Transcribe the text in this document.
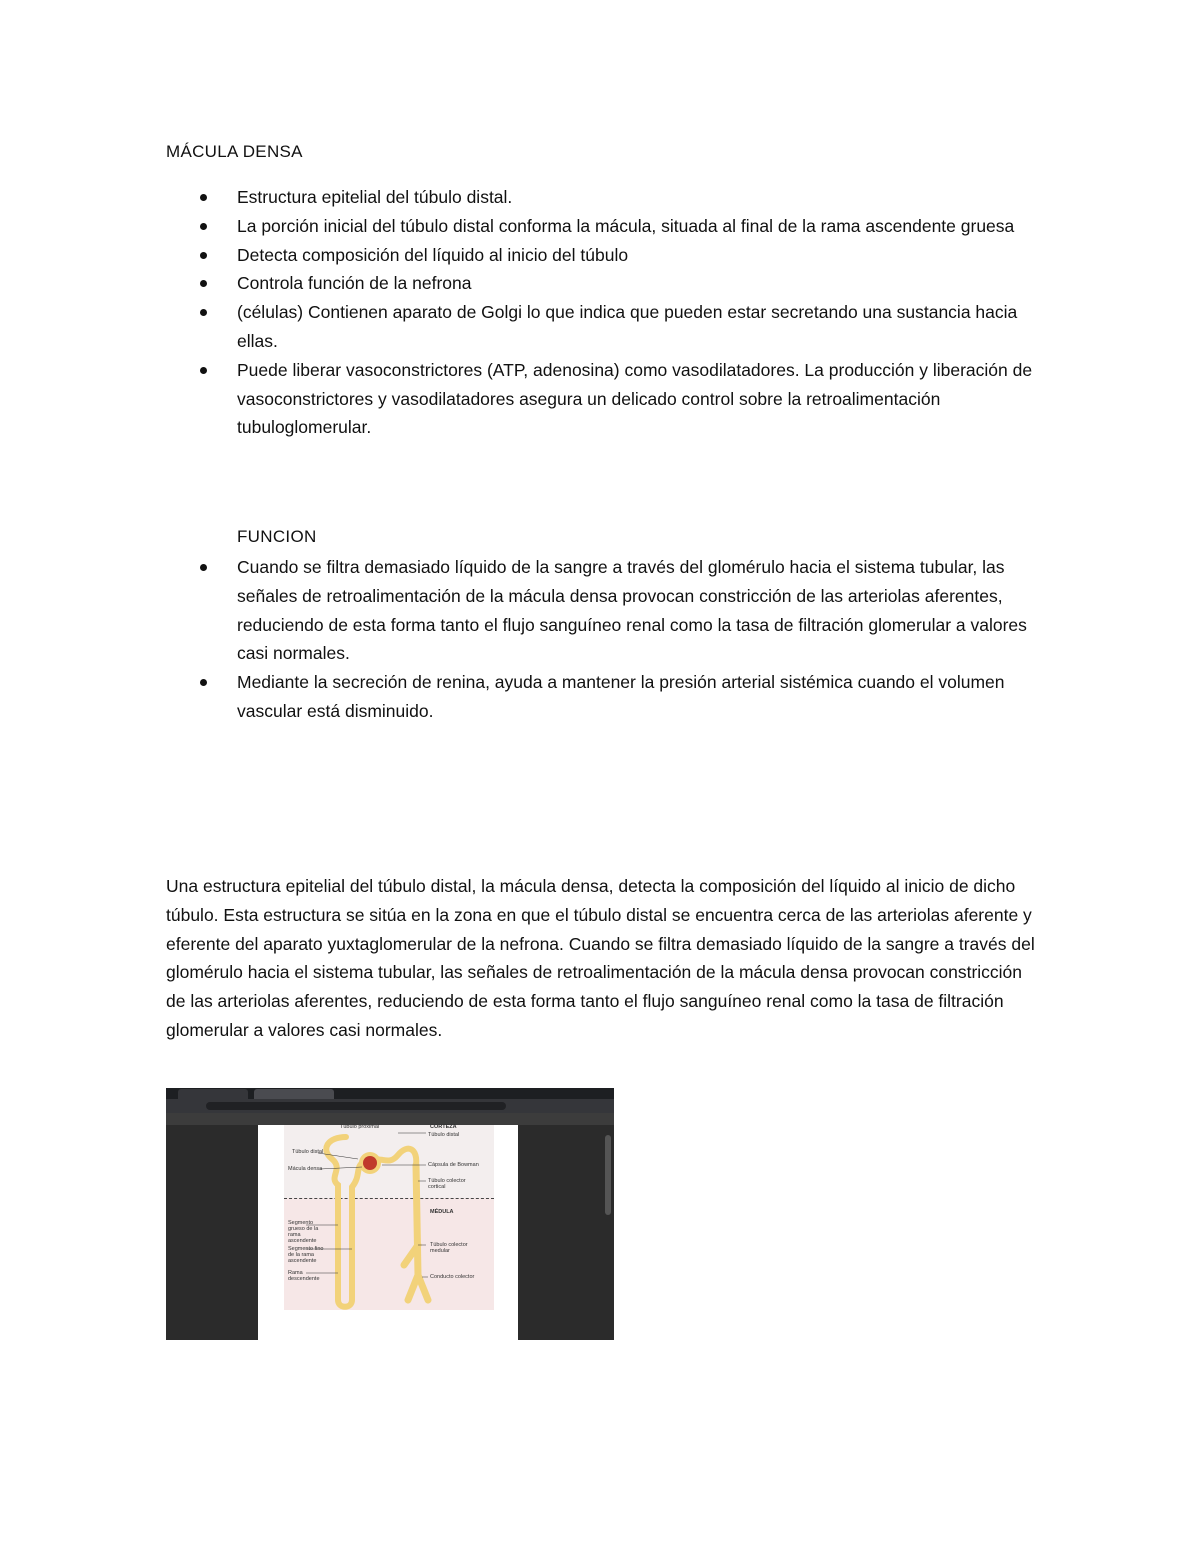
MÁCULA DENSA
Estructura epitelial del túbulo distal.
La porción inicial del túbulo distal conforma la mácula, situada al final de la rama ascendente gruesa
Detecta composición del líquido al inicio del túbulo
Controla función de la nefrona
(células) Contienen aparato de Golgi lo que indica que pueden estar secretando una sustancia hacia ellas.
Puede liberar vasoconstrictores (ATP, adenosina) como vasodilatadores. La producción y liberación de vasoconstrictores y vasodilatadores asegura un delicado control sobre la retroalimentación tubuloglomerular.
FUNCION
Cuando se filtra demasiado líquido de la sangre a través del glomérulo hacia el sistema tubular, las señales de retroalimentación de la mácula densa provocan constricción de las arteriolas aferentes, reduciendo de esta forma tanto el flujo sanguíneo renal como la tasa de filtración glomerular a valores casi normales.
Mediante la secreción de renina, ayuda a mantener la presión arterial sistémica cuando el volumen vascular está disminuido.

Una estructura epitelial del túbulo distal, la mácula densa, detecta la composición del líquido al inicio de dicho túbulo. Esta estructura se sitúa en la zona en que el túbulo distal se encuentra cerca de las arteriolas aferente y eferente del aparato yuxtaglomerular de la nefrona. Cuando se filtra demasiado líquido de la sangre a través del glomérulo hacia el sistema tubular, las señales de retroalimentación de la mácula densa provocan constricción de las arteriolas aferentes, reduciendo de esta forma tanto el flujo sanguíneo renal como la tasa de filtración glomerular a valores casi normales.

Túbulo proximal	CORTEZA
Túbulo distal
Túbulo distal
Mácula densa
Cápsula de Bowman
Túbulo colector cortical
MÉDULA
Segmento grueso de la rama ascendente
Segmento fino de la rama ascendente
Rama descendente
Túbulo colector medular
Conducto colector
